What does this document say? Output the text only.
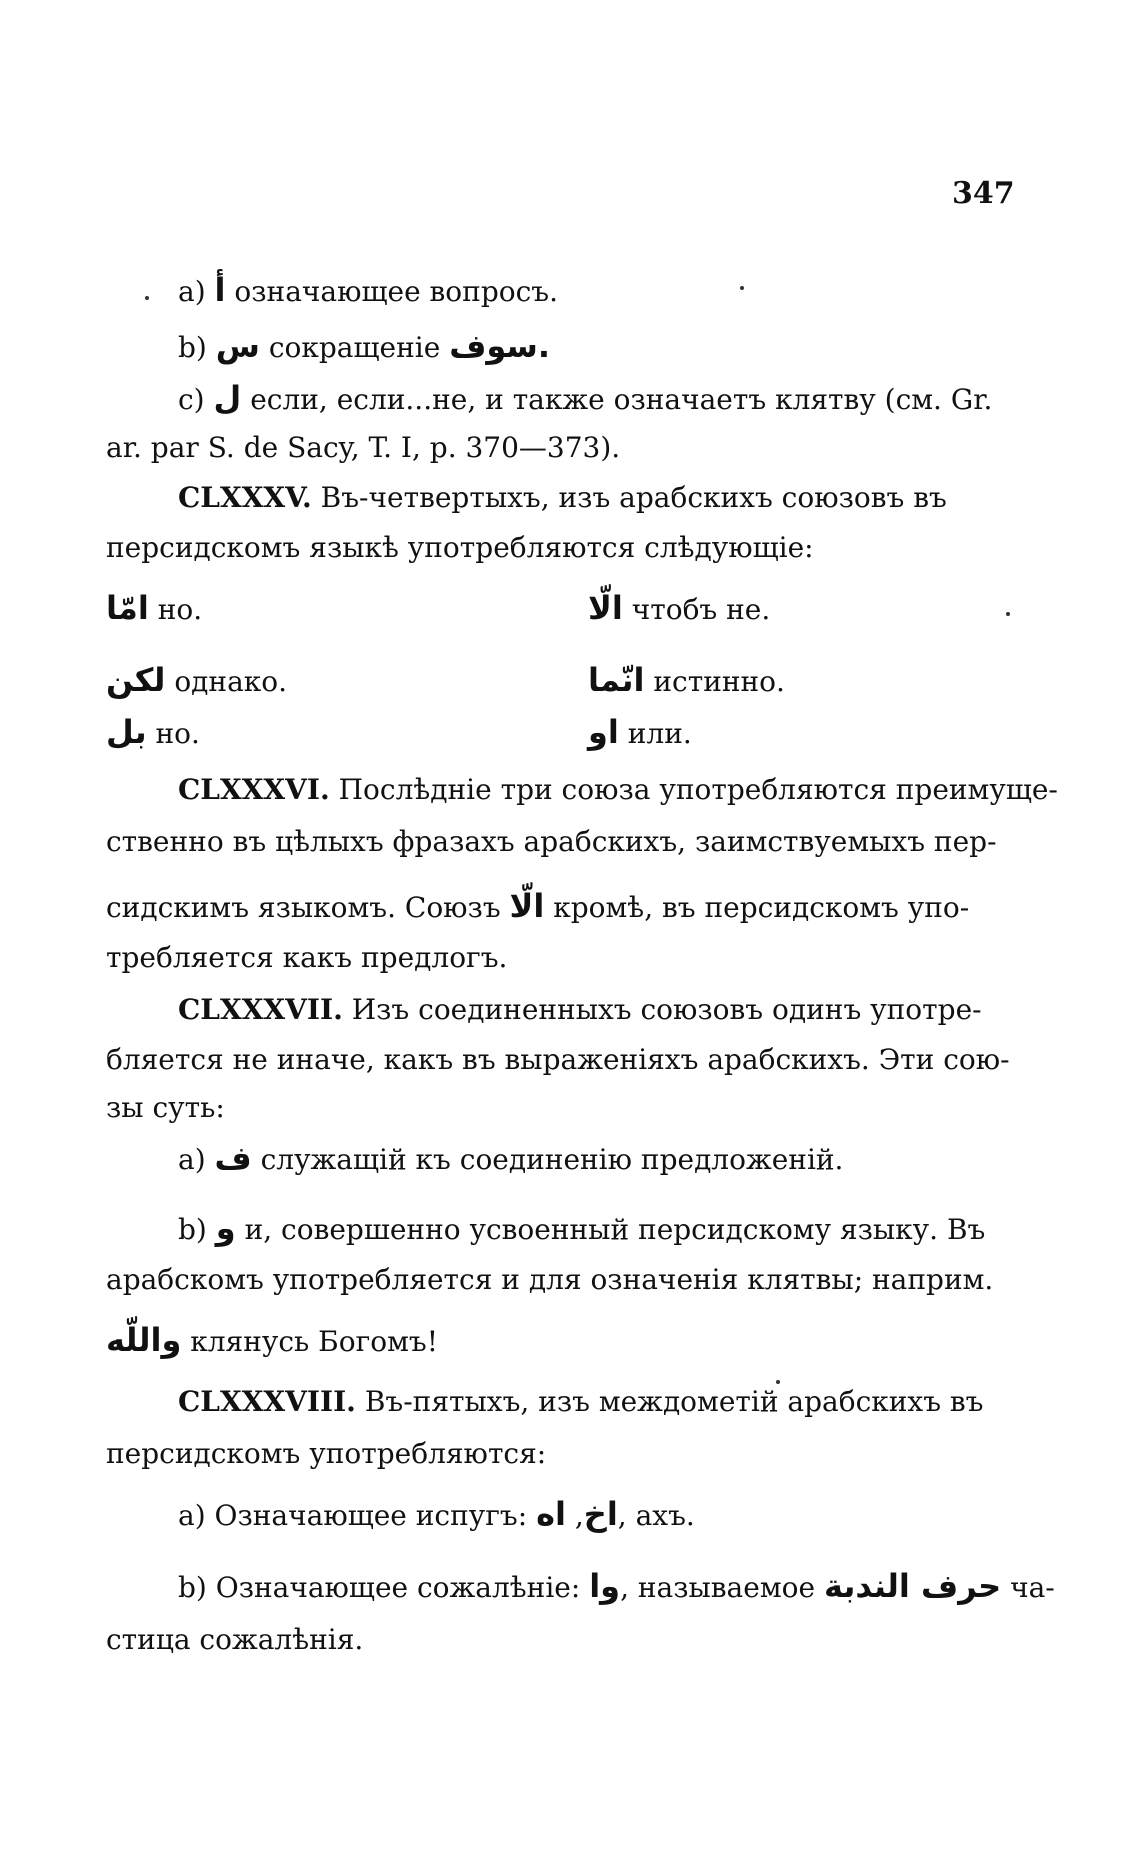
347
a) أ означающее вопросъ.
b) س сокращеніе سوف.
c) ل если, если...не, и также означаетъ клятву (см. Gr.
ar. par S. de Sacy, T. I, p. 370—373).
CLXXXV. Въ-четвертыхъ, изъ арабскихъ союзовъ въ
персидскомъ языкѣ употребляются слѣдующіе:
امّا но.	الّا чтобъ не.
لكن однако.	انّما истинно.
بل но.	او или.
CLXXXVI. Послѣдніе три союза употребляются преимуще-
ственно въ цѣлыхъ фразахъ арабскихъ, заимствуемыхъ пер-
сидскимъ языкомъ. Союзъ الّا кромѣ, въ персидскомъ упо-
требляется какъ предлогъ.
CLXXXVII. Изъ соединенныхъ союзовъ одинъ употре-
бляется не иначе, какъ въ выраженіяхъ арабскихъ. Эти сою-
зы суть:
a) ف служащій къ соединенію предложеній.
b) و и, совершенно усвоенный персидскому языку. Въ
арабскомъ употребляется и для означенія клятвы; наприм.
واللّه клянусь Богомъ!
CLXXXVIII. Въ-пятыхъ, изъ междометій арабскихъ въ
персидскомъ употребляются:
a) Означающее испугъ: اخ, اه , ахъ.
b) Означающее сожалѣніе: وا, называемое حرف الندبة ча-
стица сожалѣнія.
